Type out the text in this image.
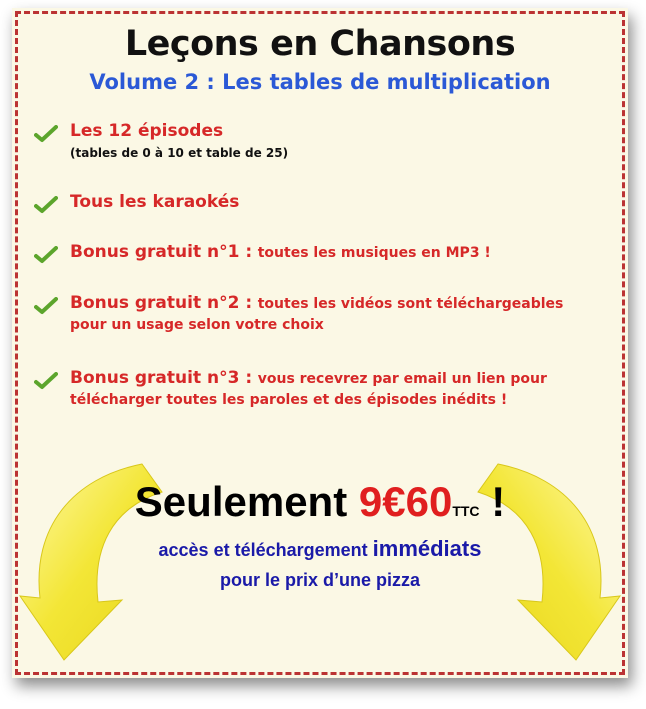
Leçons en Chansons
Volume 2 : Les tables de multiplication
Les 12 épisodes
(tables de 0 à 10 et table de 25)
Tous les karaokés
Bonus gratuit n°1 : toutes les musiques en MP3 !
Bonus gratuit n°2 : toutes les vidéos sont téléchargeables
pour un usage selon votre choix
Bonus gratuit n°3 : vous recevrez par email un lien pour
télécharger toutes les paroles et des épisodes inédits !
Seulement 9€60TTC !
accès et téléchargement immédiats
pour le prix d’une pizza
